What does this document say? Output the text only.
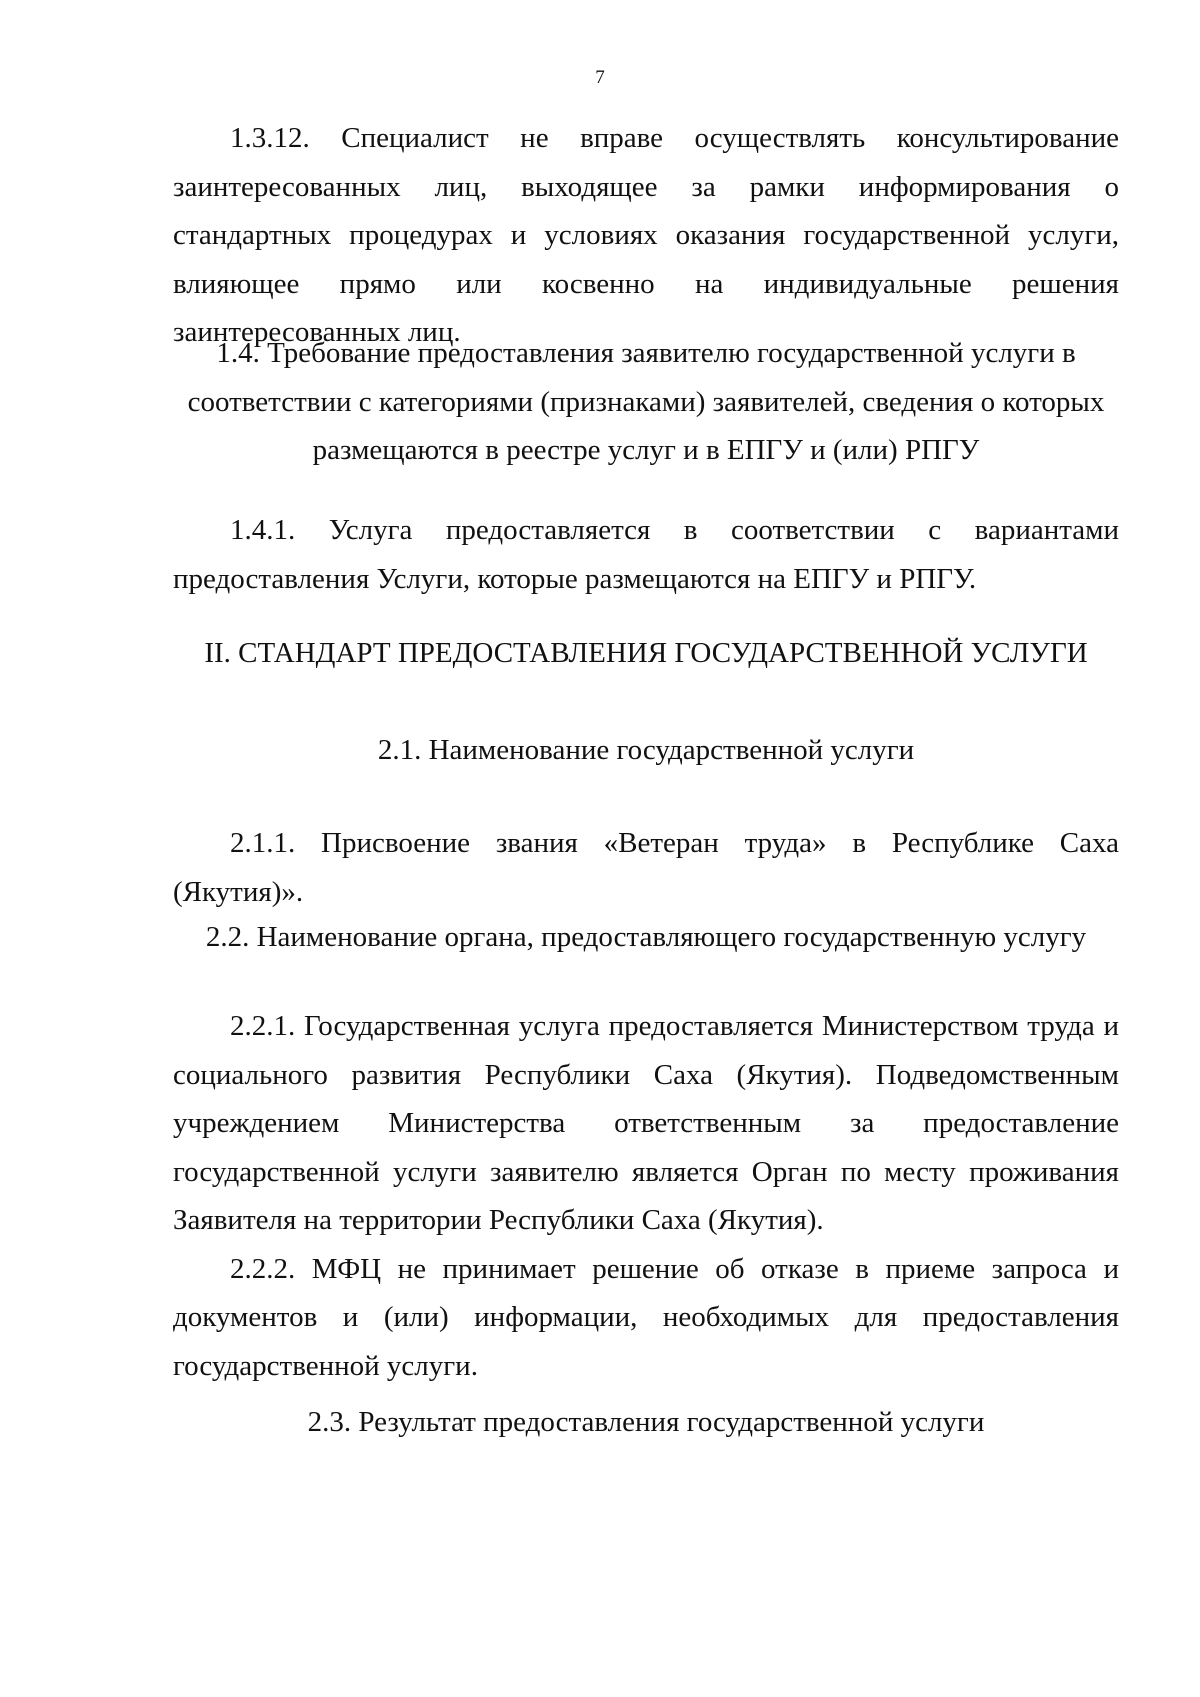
7

1.3.12. Специалист не вправе осуществлять консультирование заинтересованных лиц, выходящее за рамки информирования о стандартных процедурах и условиях оказания государственной услуги, влияющее прямо или косвенно на индивидуальные решения заинтересованных лиц.

1.4. Требование предоставления заявителю государственной услуги в

соответствии с категориями (признаками) заявителей, сведения о которых

размещаются в реестре услуг и в ЕПГУ и (или) РПГУ

1.4.1. Услуга предоставляется в соответствии с вариантами предоставления Услуги, которые размещаются на ЕПГУ и РПГУ.

II. СТАНДАРТ ПРЕДОСТАВЛЕНИЯ ГОСУДАРСТВЕННОЙ УСЛУГИ

2.1. Наименование государственной услуги

2.1.1. Присвоение звания «Ветеран труда» в Республике Саха (Якутия)».

2.2. Наименование органа, предоставляющего государственную услугу

2.2.1. Государственная услуга предоставляется Министерством труда и социального развития Республики Саха (Якутия). Подведомственным учреждением Министерства ответственным за предоставление государственной услуги заявителю является Орган по месту проживания Заявителя на территории Республики Саха (Якутия).

2.2.2. МФЦ не принимает решение об отказе в приеме запроса и документов и (или) информации, необходимых для предоставления государственной услуги.

2.3. Результат предоставления государственной услуги
